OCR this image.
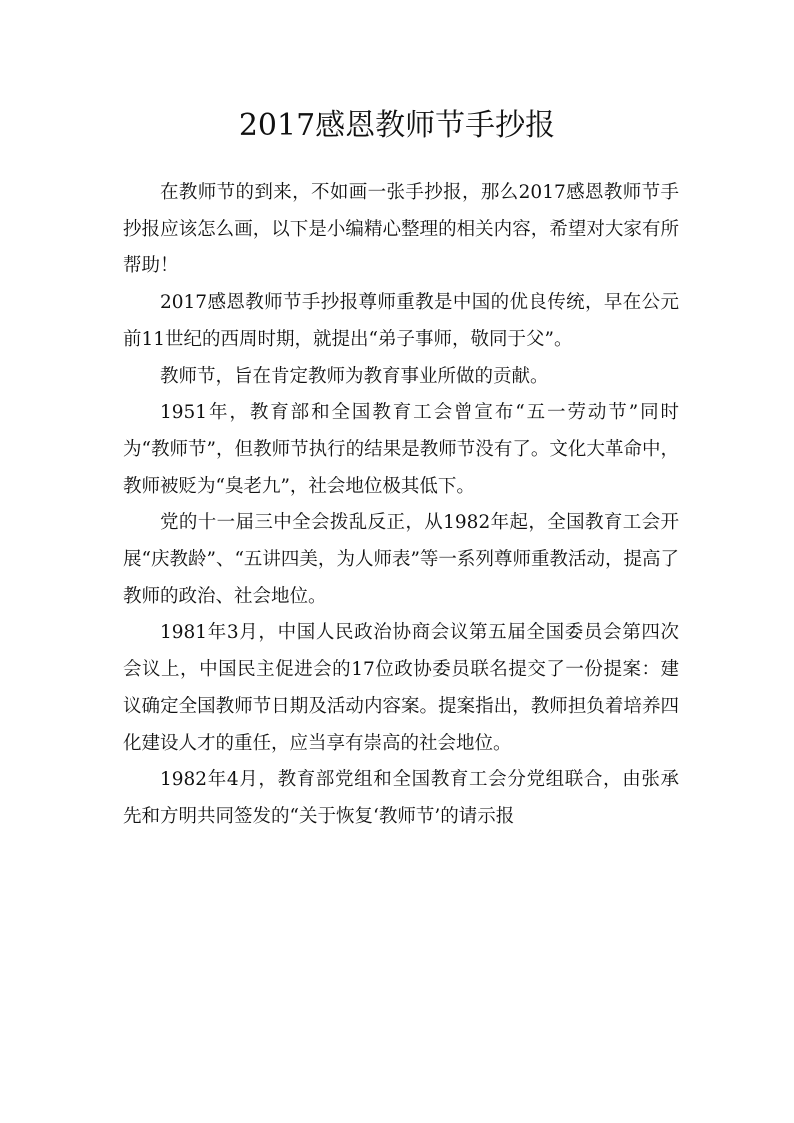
2017感恩教师节手抄报

在教师节的到来，不如画一张手抄报，那么2017感恩教师节手抄报应该怎么画，以下是小编精心整理的相关内容，希望对大家有所帮助！

2017感恩教师节手抄报尊师重教是中国的优良传统，早在公元前11世纪的西周时期，就提出“弟子事师，敬同于父”。

教师节，旨在肯定教师为教育事业所做的贡献。

1951年，教育部和全国教育工会曾宣布“五一劳动节”同时为“教师节”，但教师节执行的结果是教师节没有了。文化大革命中，教师被贬为“臭老九”，社会地位极其低下。

党的十一届三中全会拨乱反正，从1982年起，全国教育工会开展“庆教龄”、“五讲四美，为人师表”等一系列尊师重教活动，提高了教师的政治、社会地位。

1981年3月，中国人民政治协商会议第五届全国委员会第四次会议上，中国民主促进会的17位政协委员联名提交了一份提案：建议确定全国教师节日期及活动内容案。提案指出，教师担负着培养四化建设人才的重任，应当享有崇高的社会地位。

1982年4月，教育部党组和全国教育工会分党组联合，由张承先和方明共同签发的“关于恢复‘教师节’的请示报
